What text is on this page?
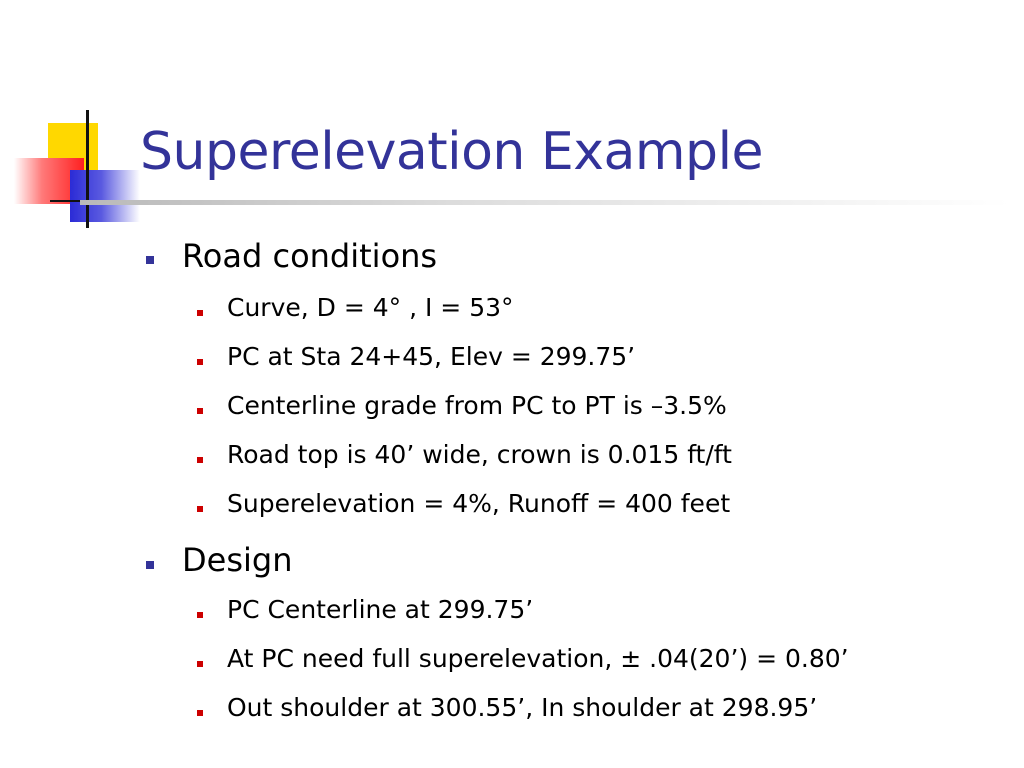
Superelevation Example
Road conditions
Curve, D = 4° , I = 53°
PC at Sta 24+45, Elev = 299.75’
Centerline grade from PC to PT is –3.5%
Road top is 40’ wide, crown is 0.015 ft/ft
Superelevation = 4%, Runoff = 400 feet
Design
PC Centerline at 299.75’
At PC need full superelevation, ± .04(20’) = 0.80’
Out shoulder at 300.55’, In shoulder at 298.95’
